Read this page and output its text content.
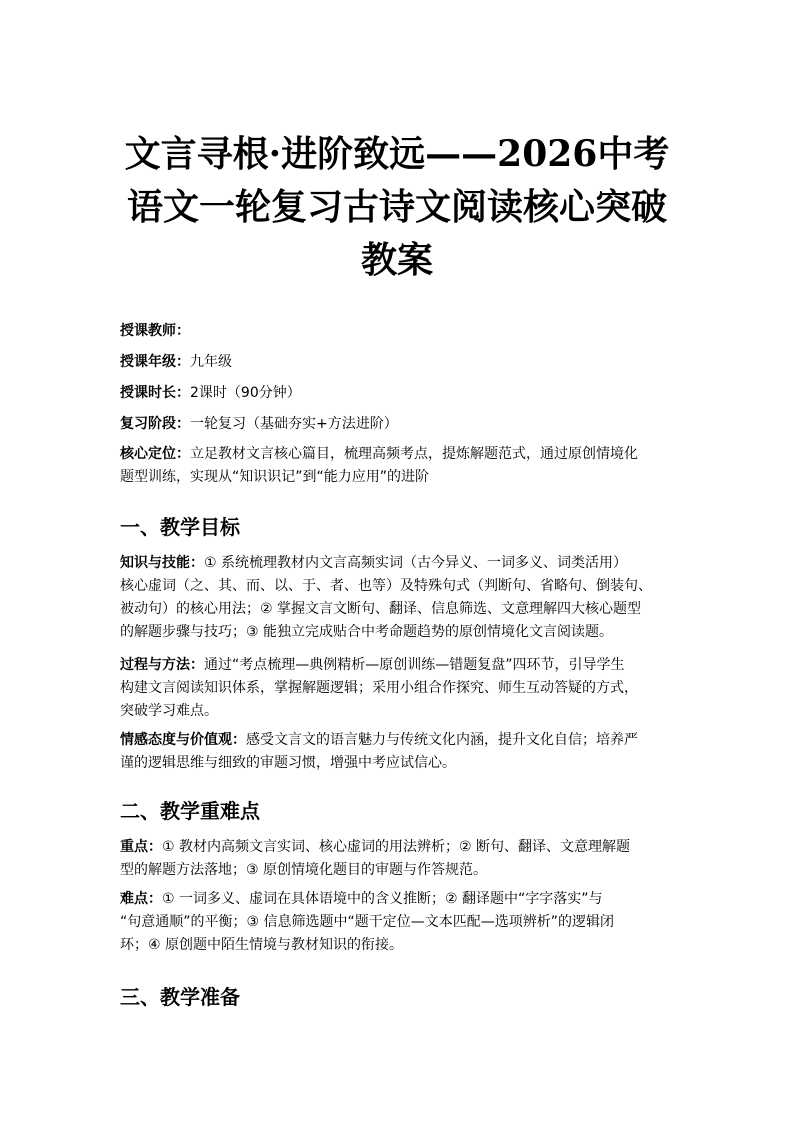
文言寻根·进阶致远——2026中考
语文一轮复习古诗文阅读核心突破
教案
授课教师：
授课年级：九年级
授课时长：2课时（90分钟）
复习阶段：一轮复习（基础夯实+方法进阶）
核心定位：立足教材文言核心篇目，梳理高频考点，提炼解题范式，通过原创情境化
题型训练，实现从“知识识记”到“能力应用”的进阶
一、教学目标
知识与技能：① 系统梳理教材内文言高频实词（古今异义、一词多义、词类活用）
核心虚词（之、其、而、以、于、者、也等）及特殊句式（判断句、省略句、倒装句、
被动句）的核心用法；② 掌握文言文断句、翻译、信息筛选、文意理解四大核心题型
的解题步骤与技巧；③ 能独立完成贴合中考命题趋势的原创情境化文言阅读题。
过程与方法：通过“考点梳理—典例精析—原创训练—错题复盘”四环节，引导学生
构建文言阅读知识体系，掌握解题逻辑；采用小组合作探究、师生互动答疑的方式，
突破学习难点。
情感态度与价值观：感受文言文的语言魅力与传统文化内涵，提升文化自信；培养严
谨的逻辑思维与细致的审题习惯，增强中考应试信心。
二、教学重难点
重点：① 教材内高频文言实词、核心虚词的用法辨析；② 断句、翻译、文意理解题
型的解题方法落地；③ 原创情境化题目的审题与作答规范。
难点：① 一词多义、虚词在具体语境中的含义推断；② 翻译题中“字字落实”与
“句意通顺”的平衡；③ 信息筛选题中“题干定位—文本匹配—选项辨析”的逻辑闭
环；④ 原创题中陌生情境与教材知识的衔接。
三、教学准备
